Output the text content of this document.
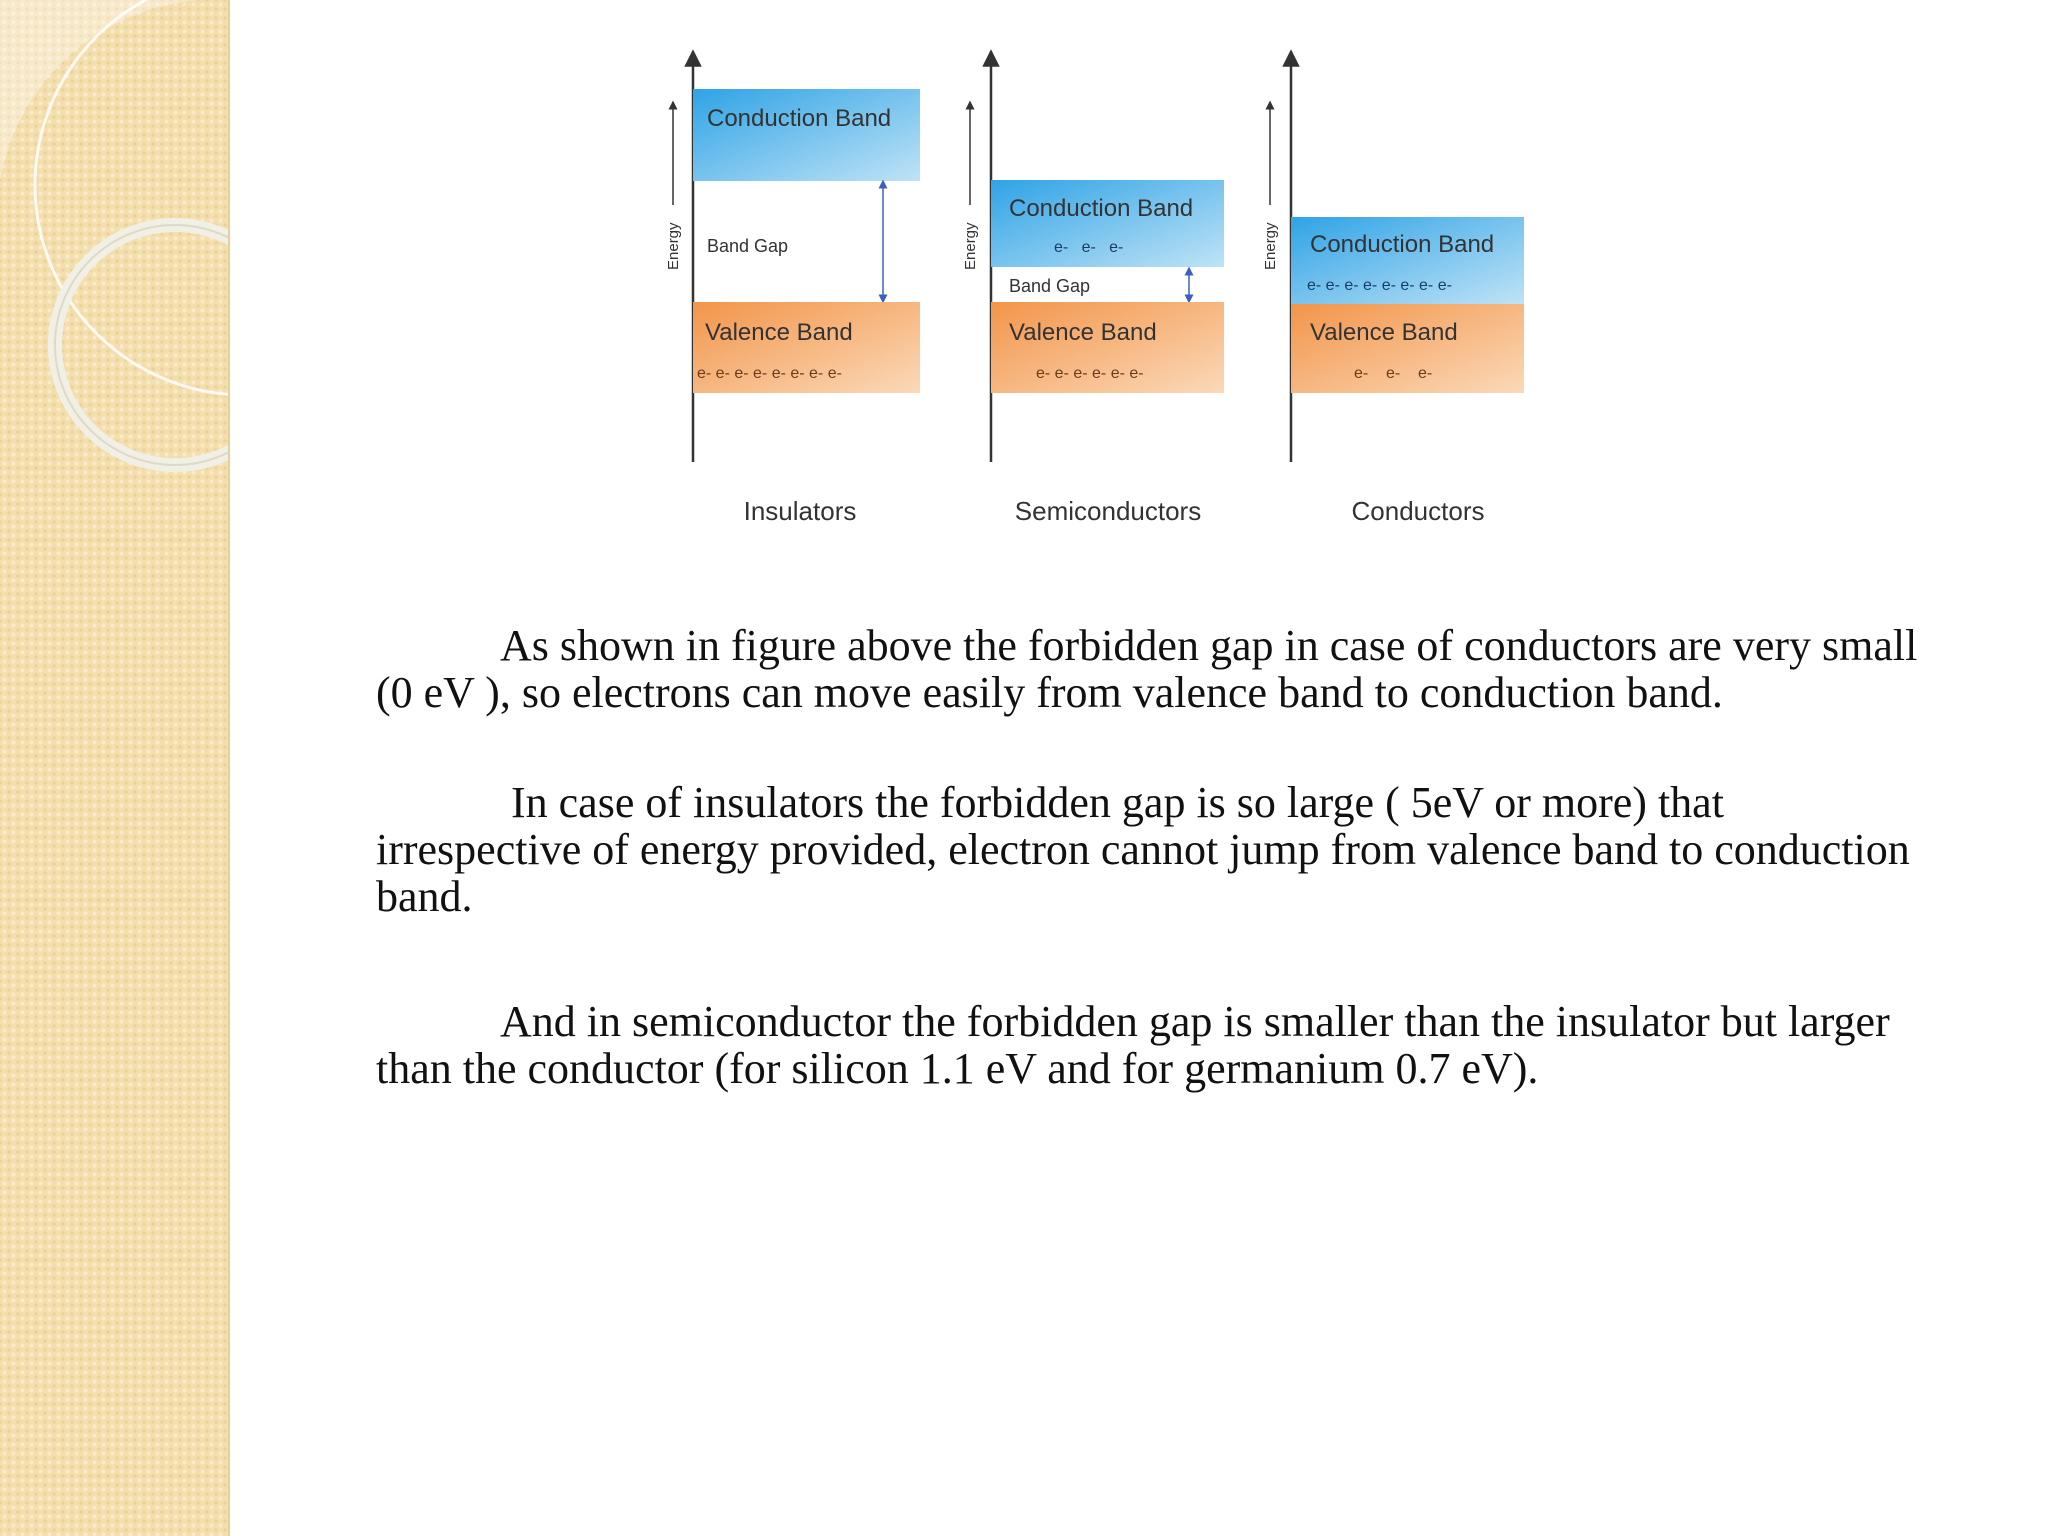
Energy
Conduction Band
Band Gap
Valence Band
e- e- e- e- e- e- e- e-
Insulators
Energy
Conduction Band
e-   e-   e-
Band Gap
Valence Band
e- e- e- e- e- e-
Semiconductors
Energy Conduction Band
e- e- e- e- e- e- e- e-
Valence Band
e-    e-    e-
Conductors

As shown in figure above the forbidden gap in case of conductors are very small (0 eV ), so electrons can move easily from valence band to conduction band.

In case of insulators the forbidden gap is so large ( 5eV or more) that irrespective of energy provided, electron cannot jump from valence band to conduction band.

And in semiconductor the forbidden gap is smaller than the insulator but larger than the conductor (for silicon 1.1 eV and for germanium 0.7 eV).
